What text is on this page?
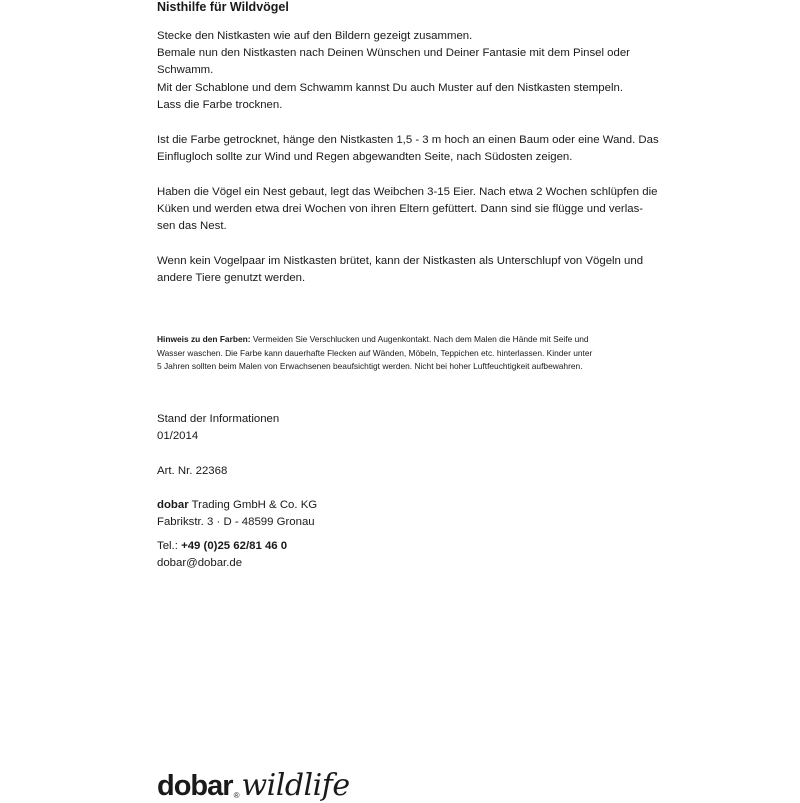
Nisthilfe für Wildvögel

Stecke den Nistkasten wie auf den Bildern gezeigt zusammen.
Bemale nun den Nistkasten nach Deinen Wünschen und Deiner Fantasie mit dem Pinsel oder
Schwamm.
Mit der Schablone und dem Schwamm kannst Du auch Muster auf den Nistkasten stempeln.
Lass die Farbe trocknen.

Ist die Farbe getrocknet, hänge den Nistkasten 1,5 - 3 m hoch an einen Baum oder eine Wand. Das
Einflugloch sollte zur Wind und Regen abgewandten Seite, nach Südosten zeigen.

Haben die Vögel ein Nest gebaut, legt das Weibchen 3-15 Eier. Nach etwa 2 Wochen schlüpfen die
Küken und werden etwa drei Wochen von ihren Eltern gefüttert. Dann sind sie flügge und verlas-
sen das Nest.

Wenn kein Vogelpaar im Nistkasten brütet, kann der Nistkasten als Unterschlupf von Vögeln und
andere Tiere genutzt werden.

Hinweis zu den Farben: Vermeiden Sie Verschlucken und Augenkontakt. Nach dem Malen die Hände mit Seife und
Wasser waschen. Die Farbe kann dauerhafte Flecken auf Wänden, Möbeln, Teppichen etc. hinterlassen. Kinder unter
5 Jahren sollten beim Malen von Erwachsenen beaufsichtigt werden. Nicht bei hoher Luftfeuchtigkeit aufbewahren.

Stand der Informationen
01/2014

Art. Nr. 22368

dobar Trading GmbH & Co. KG
Fabrikstr. 3 · D - 48599 Gronau

Tel.: +49 (0)25 62/81 46 0
dobar@dobar.de

dobar ® wildlife
